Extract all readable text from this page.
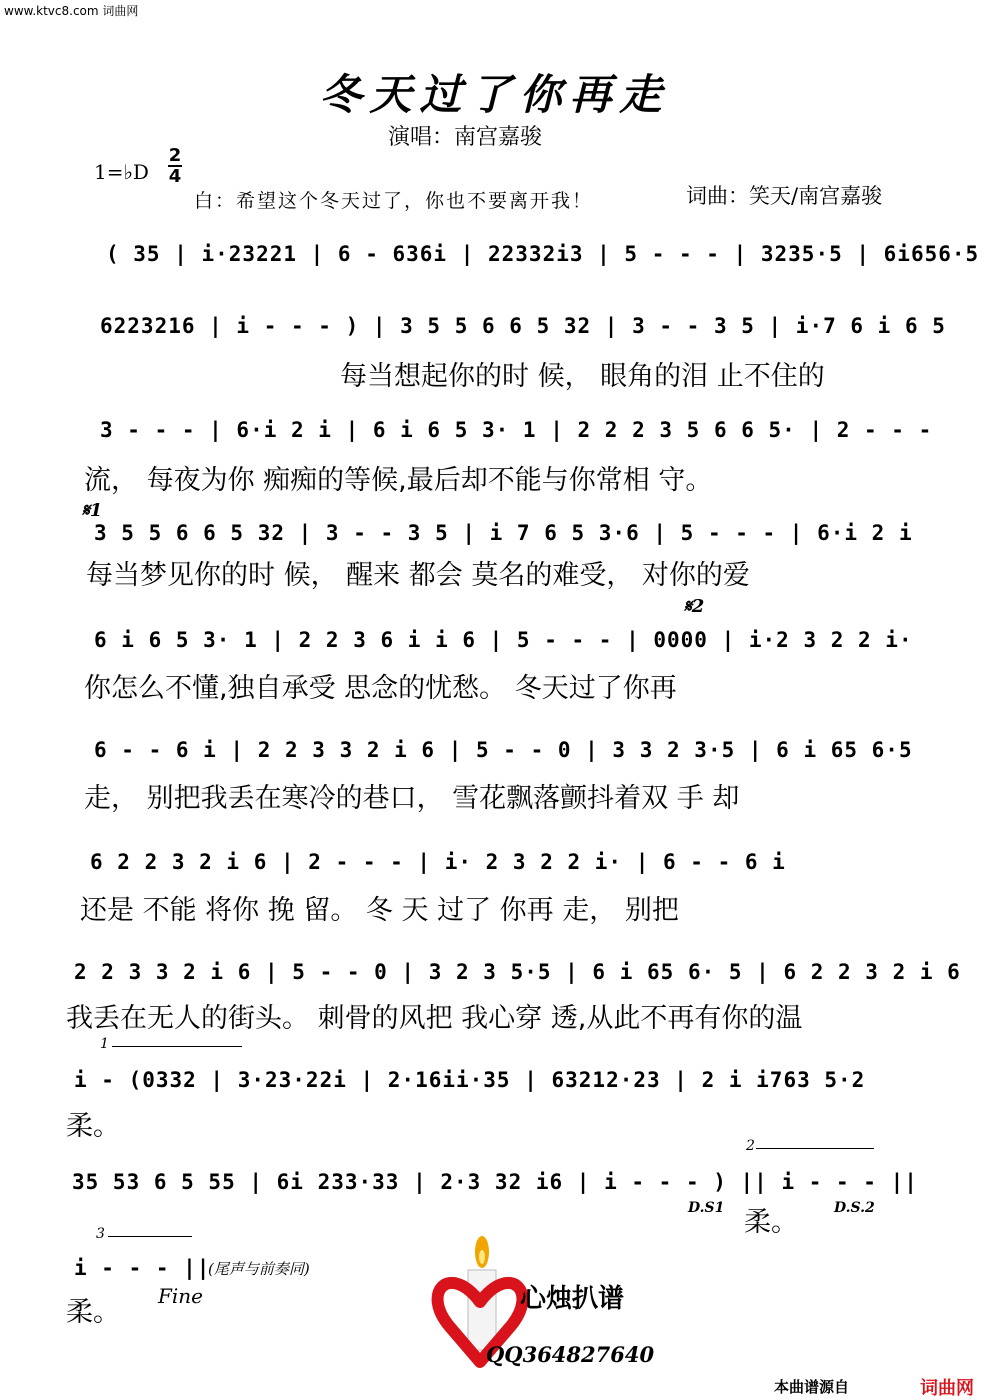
www.ktvc8.com 词曲网
冬天过了你再走
演唱：南宫嘉骏
1=♭D
2
4
白：希望这个冬天过了，你也不要离开我！	词曲：笑天/南宫嘉骏
( 35 | i·23221 | 6 - 636i | 22332i3 | 5 - - - | 3235·5 | 6i656·5
6223216 | i - - - ) | 3 5 5 6 6 5 32 | 3 - - 3 5 | i·7 6 i 6 5
每当想起你的时 候， 眼角的泪 止不住的
3 - - - | 6·i 2 i | 6 i 6 5 3· 1 | 2 2 2 3 5 6 6 5· | 2 - - -
流， 每夜为你 痴痴的等候,最后却不能与你常相 守。
𝄋1
3 5 5 6 6 5 32 | 3 - - 3 5 | i 7 6 5 3·6 | 5 - - - | 6·i 2 i
每当梦见你的时 候， 醒来 都会 莫名的难受， 对你的爱
𝄋2
6 i 6 5 3· 1 | 2 2 3 6 i i 6 | 5 - - - | 0000 | i·2 3 2 2 i·
你怎么不懂,独自承受 思念的忧愁。 冬天过了你再
6 - - 6 i | 2 2 3 3 2 i 6 | 5 - - 0 | 3 3 2 3·5 | 6 i 65 6·5
走， 别把我丢在寒冷的巷口， 雪花飘落颤抖着双 手 却
6 2 2 3 2 i 6 | 2 - - - | i· 2 3 2 2 i· | 6 - - 6 i
还是 不能 将你 挽 留。 冬 天 过了 你再 走， 别把
2 2 3 3 2 i 6 | 5 - - 0 | 3 2 3 5·5 | 6 i 65 6· 5 | 6 2 2 3 2 i 6
我丢在无人的街头。 刺骨的风把 我心穿 透,从此不再有你的温
1
i - (0332 | 3·23·22i | 2·16ii·35 | 63212·23 | 2 i i763 5·2
柔。
35 53 6 5 55 | 6i 233·33 | 2·3 32 i6 | i - - - ) || i - - - ||
D.S1
2
柔。	D.S.2
3
i - - - ||
(尾声与前奏同)
柔。
Fine	心烛扒谱
QQ364827640
本曲谱源自	词曲网
